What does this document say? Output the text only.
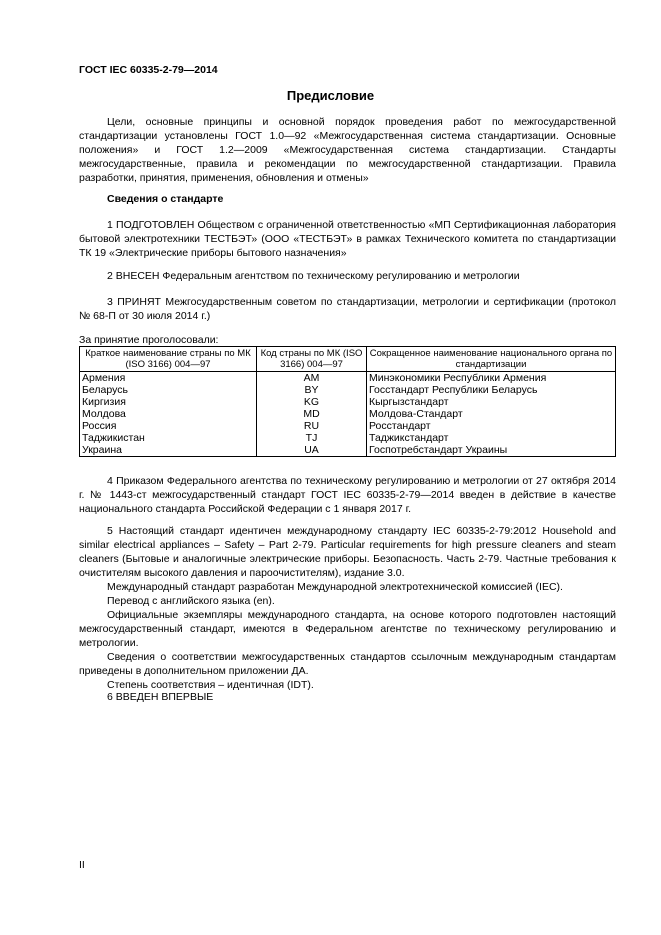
ГОСТ IEC 60335-2-79—2014
Предисловие

Цели, основные принципы и основной порядок проведения работ по межгосударственной стандартизации установлены ГОСТ 1.0—92 «Межгосударственная система стандартизации. Основные положения» и ГОСТ 1.2—2009 «Межгосударственная система стандартизации. Стандарты межгосударственные, правила и рекомендации по межгосударственной стандартизации. Правила разработки, принятия, применения, обновления и отмены»

Сведения о стандарте

1 ПОДГОТОВЛЕН Обществом с ограниченной ответственностью «МП Сертификационная лаборатория бытовой электротехники ТЕСТБЭТ» (ООО «ТЕСТБЭТ» в рамках Технического комитета по стандартизации ТК 19 «Электрические приборы бытового назначения»

2 ВНЕСЕН Федеральным агентством по техническому регулированию и метрологии

3 ПРИНЯТ Межгосударственным советом по стандартизации, метрологии и сертификации (протокол № 68-П от 30 июля 2014 г.)

За принятие проголосовали:
Краткое наименование страны по МК (ISO 3166) 004—97	Код страны по МК (ISO 3166) 004—97	Сокращенное наименование национального органа по стандартизации
Армения	AM	Минэкономики Республики Армения
Беларусь	BY	Госстандарт Республики Беларусь
Киргизия	KG	Кыргызстандарт
Молдова	MD	Молдова-Стандарт
Россия	RU	Росстандарт
Таджикистан	TJ	Таджикстандарт
Украина	UA	Госпотребстандарт Украины

4 Приказом Федерального агентства по техническому регулированию и метрологии от 27 октября 2014 г. № 1443-ст межгосударственный стандарт ГОСТ IEC 60335-2-79—2014 введен в действие в качестве национального стандарта Российской Федерации с 1 января 2017 г.

5 Настоящий стандарт идентичен международному стандарту IEC 60335-2-79:2012 Household and similar electrical appliances – Safety – Part 2-79. Particular requirements for high pressure cleaners and steam cleaners (Бытовые и аналогичные электрические приборы. Безопасность. Часть 2-79. Частные требования к очистителям высокого давления и пароочистителям), издание 3.0.

Международный стандарт разработан Международной электротехнической комиссией (IEC).

Перевод с английского языка (en).

Официальные экземпляры международного стандарта, на основе которого подготовлен настоящий межгосударственный стандарт, имеются в Федеральном агентстве по техническому регулированию и метрологии.

Сведения о соответствии межгосударственных стандартов ссылочным международным стандартам приведены в дополнительном приложении ДА.

Степень соответствия – идентичная (IDT).

6 ВВЕДЕН ВПЕРВЫЕ

II
